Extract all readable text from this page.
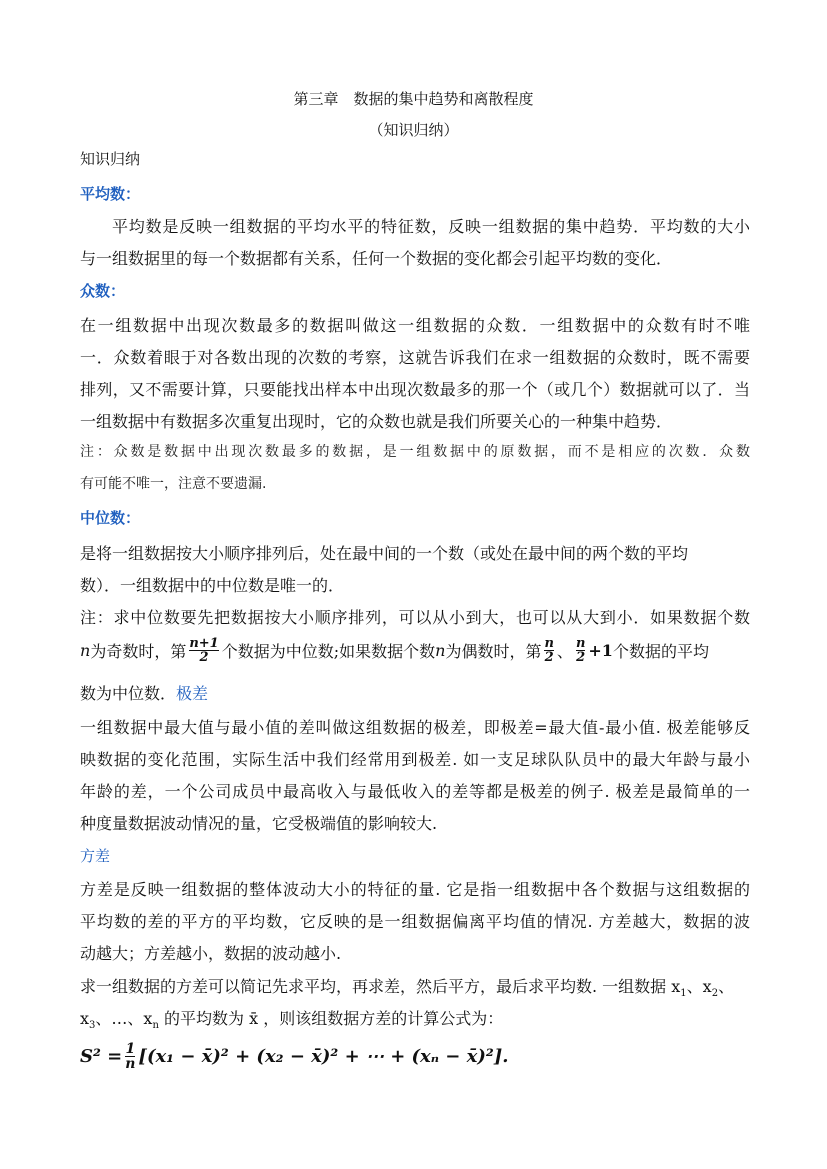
第三章　数据的集中趋势和离散程度
（知识归纳）
知识归纳
平均数：
平均数是反映一组数据的平均水平的特征数，反映一组数据的集中趋势．平均数的大小
与一组数据里的每一个数据都有关系，任何一个数据的变化都会引起平均数的变化．
众数：
在一组数据中出现次数最多的数据叫做这一组数据的众数．一组数据中的众数有时不唯
一．众数着眼于对各数出现的次数的考察，这就告诉我们在求一组数据的众数时，既不需要
排列，又不需要计算，只要能找出样本中出现次数最多的那一个（或几个）数据就可以了．当
一组数据中有数据多次重复出现时，它的众数也就是我们所要关心的一种集中趋势．
注：众数是数据中出现次数最多的数据，是一组数据中的原数据，而不是相应的次数．众数
有可能不唯一，注意不要遗漏.
中位数：
是将一组数据按大小顺序排列后，处在最中间的一个数（或处在最中间的两个数的平均
数）．一组数据中的中位数是唯一的．
注：求中位数要先把数据按大小顺序排列，可以从小到大，也可以从大到小．如果数据个数
n 为奇数时，第 $\frac{n+1}{2}$ 个数据为中位数; 如果数据个数 n 为偶数时，第 $\frac{n}{2}$ 、 $\frac{n}{2} +1$ 个数据的平均
数为中位数．极差
一组数据中最大值与最小值的差叫做这组数据的极差，即极差=最大值-最小值. 极差能够反
映数据的变化范围，实际生活中我们经常用到极差. 如一支足球队队员中的最大年龄与最小
年龄的差，一个公司成员中最高收入与最低收入的差等都是极差的例子. 极差是最简单的一
种度量数据波动情况的量，它受极端值的影响较大.
方差
方差是反映一组数据的整体波动大小的特征的量. 它是指一组数据中各个数据与这组数据的
平均数的差的平方的平均数，它反映的是一组数据偏离平均值的情况. 方差越大，数据的波
动越大；方差越小，数据的波动越小.
求一组数据的方差可以简记先求平均，再求差，然后平方，最后求平均数. 一组数据 $x_1$、$x_2$、
$x_3$、…、$x_n$ 的平均数为 x̄ ，则该组数据方差的计算公式为：
$S^2 = \frac{1}{n} [(x_1$ − x̄)² + (x₂ − x̄)² + ⋯ + (xₙ − x̄)²].
